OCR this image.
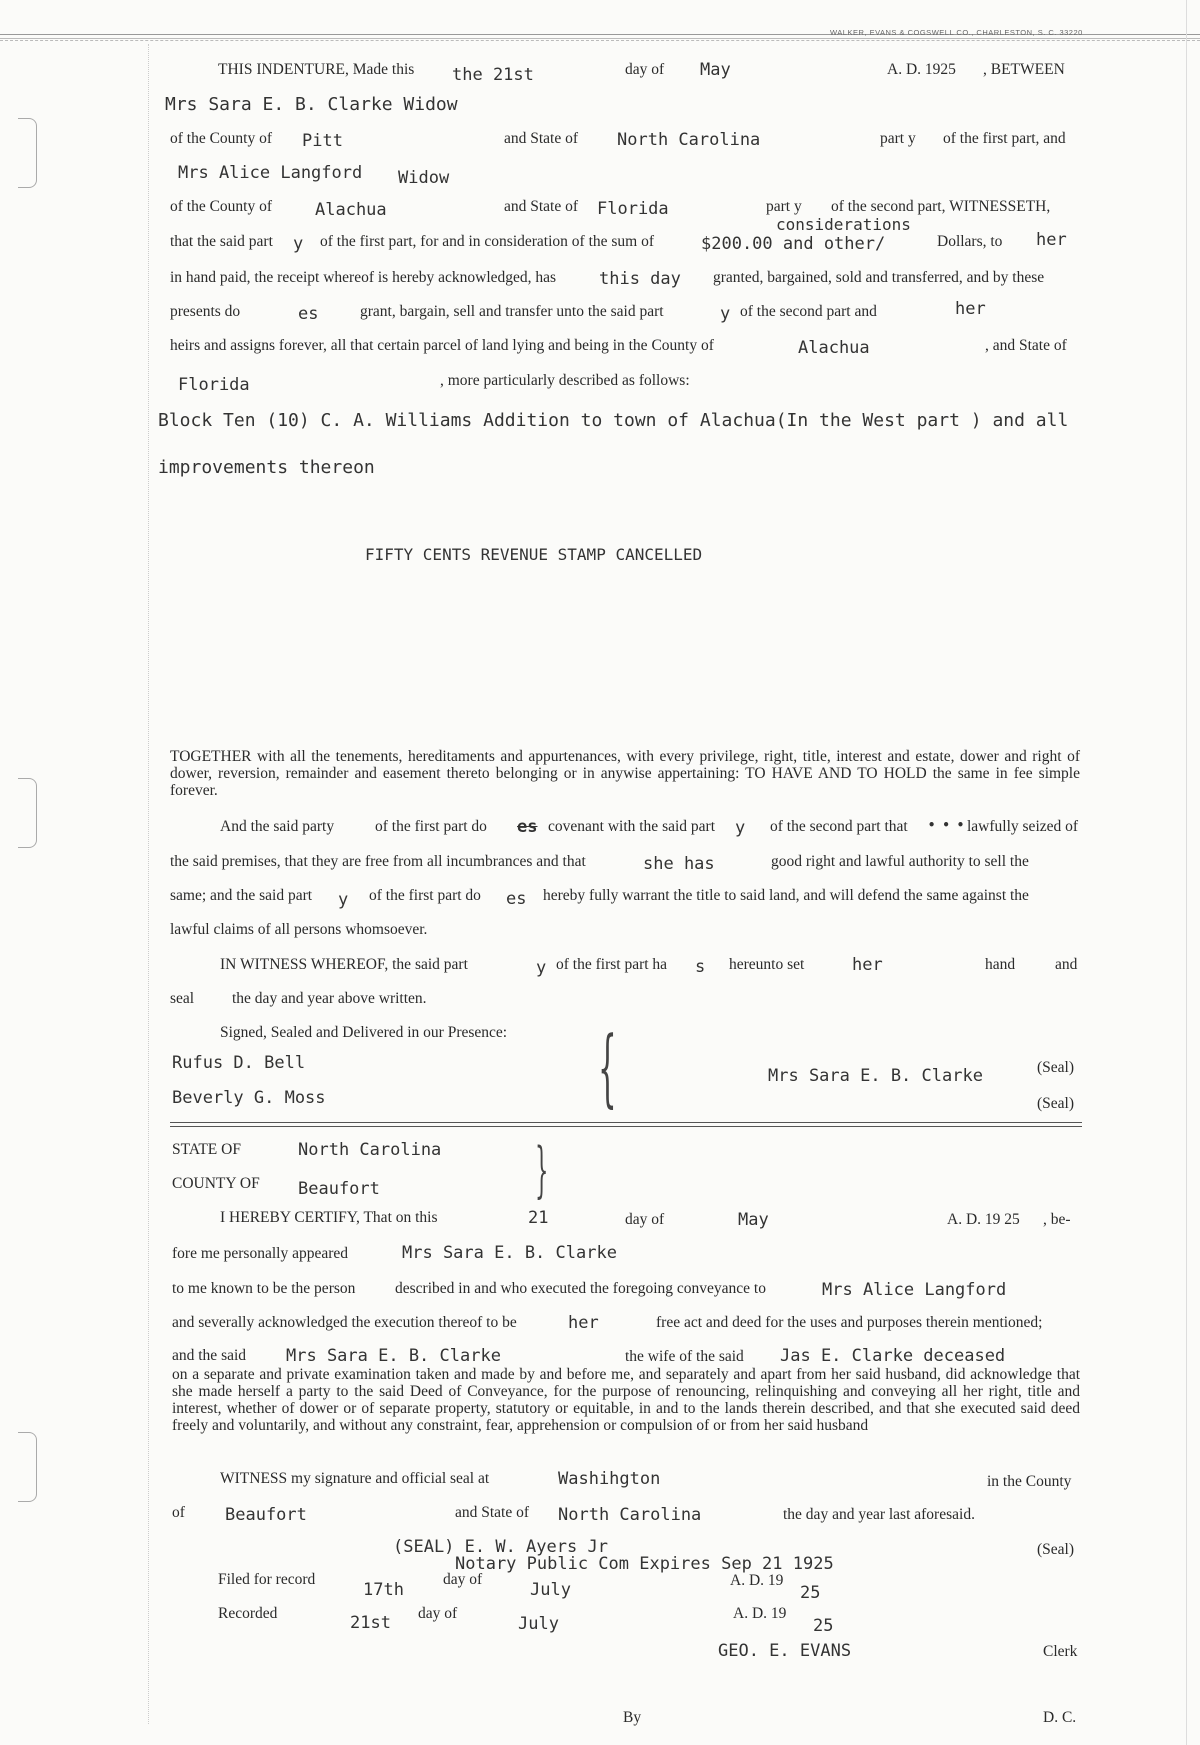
WALKER, EVANS & COGSWELL CO., CHARLESTON, S. C. 33220
THIS INDENTURE, Made this the 21st	day of May	A. D. 1925 , BETWEEN
Mrs Sara E. B. Clarke Widow
of the County of Pitt	and State of North Carolina	part y of the first part, and
Mrs Alice Langford Widow
of the County of	Alachua	and State of Florida	part y of the second part, WITNESSETH,
considerations
that the said part y of the first part, for and in consideration of the sum of	$200.00 and other/	Dollars, to her
in hand paid, the receipt whereof is hereby acknowledged, has	this day granted, bargained, sold and transferred, and by these
presents do	es	grant, bargain, sell and transfer unto the said part	y of the second part and	her
heirs and assigns forever, all that certain parcel of land lying and being in the County of	Alachua	, and State of
Florida	, more particularly described as follows:
Block Ten (10) C. A. Williams Addition to town of Alachua(In the West part ) and all
improvements thereon
FIFTY CENTS REVENUE STAMP CANCELLED
TOGETHER with all the tenements, hereditaments and appurtenances, with every privilege, right, title, interest and estate, dower and right of dower, reversion, remainder and easement thereto belonging or in anywise appertaining: TO HAVE AND TO HOLD the same in fee simple forever.
And the said party	of the first part do es covenant with the said part y of the second part that • • • lawfully seized of
the said premises, that they are free from all incumbrances and that	she has	good right and lawful authority to sell the
same; and the said part y of the first part do es hereby fully warrant the title to said land, and will defend the same against the
lawful claims of all persons whomsoever.
IN WITNESS WHEREOF, the said part	y of the first part ha s hereunto set	her	hand	and
seal the day and year above written.
Signed, Sealed and Delivered in our Presence: {
Rufus D. Bell
Beverly G. Moss
Mrs Sara E. B. Clarke	(Seal)
(Seal)
STATE OF	North Carolina
COUNTY OF Beaufort	}
I HEREBY CERTIFY, That on this	21	day of	May	A. D. 19 25 , be-
fore me personally appeared	Mrs Sara E. B. Clarke
to me known to be the person	described in and who executed the foregoing conveyance to	Mrs Alice Langford
and severally acknowledged the execution thereof to be	her	free act and deed for the uses and purposes therein mentioned;
and the said Mrs Sara E. B. Clarke	the wife of the said Jas E. Clarke deceased
on a separate and private examination taken and made by and before me, and separately and apart from her said husband, did acknowledge that she made herself a party to the said Deed of Conveyance, for the purpose of renouncing, relinquishing and conveying all her right, title and interest, whether of dower or of separate property, statutory or equitable, in and to the lands therein described, and that she executed said deed freely and voluntarily, and without any constraint, fear, apprehension or compulsion of or from her said husband
WITNESS my signature and official seal at	Washihgton	in the County
of Beaufort	and State of North Carolina	the day and year last aforesaid.
(SEAL) E. W. Ayers Jr
Notary Public Com Expires Sep 21 1925
(Seal)
Filed for record
17th
day of
July	A. D. 19
25
Recorded	21st day of
July
A. D. 19
25
GEO. E. EVANS	Clerk
By	D. C.
